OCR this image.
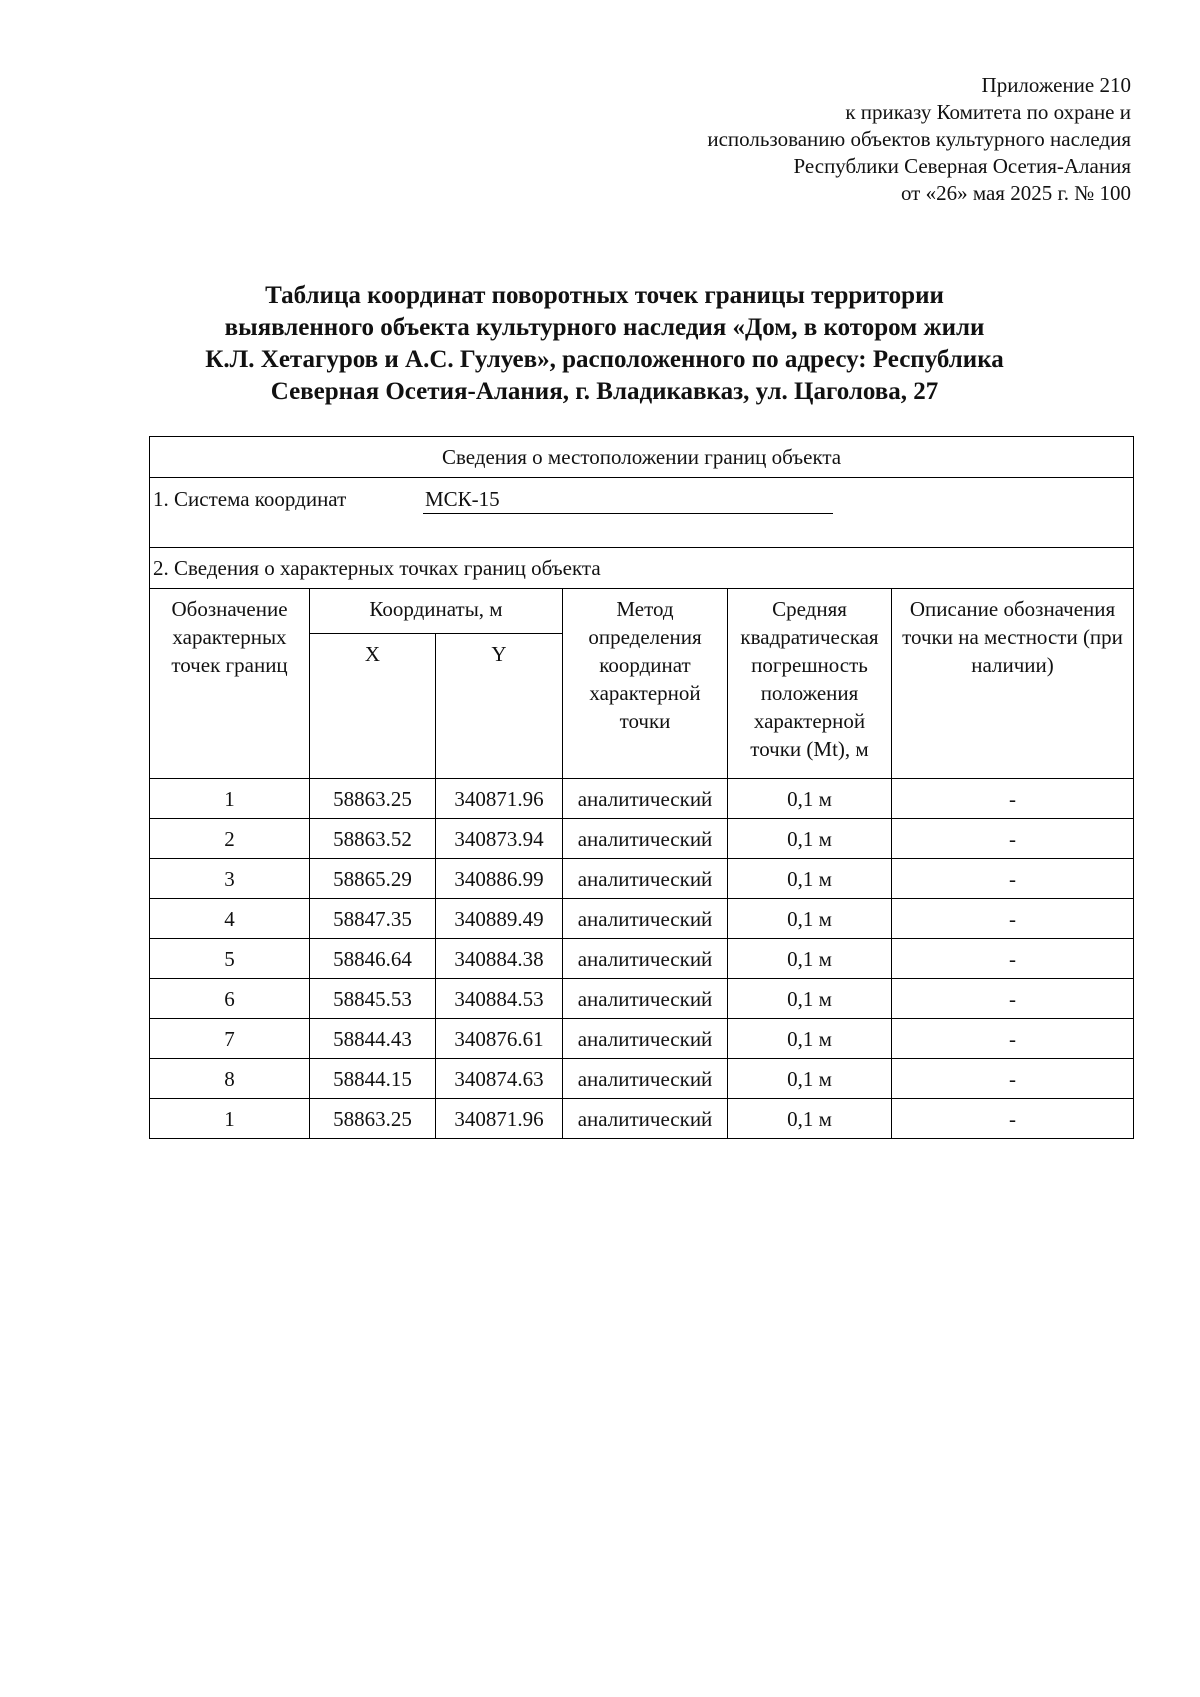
Приложение 210
к приказу Комитета по охране и
использованию объектов культурного наследия
Республики Северная Осетия-Алания
от «26» мая 2025 г. № 100
Таблица координат поворотных точек границы территории
выявленного объекта культурного наследия «Дом, в котором жили
К.Л. Хетагуров и А.С. Гулуев», расположенного по адресу: Республика
Северная Осетия-Алания, г. Владикавказ, ул. Цаголова, 27
Сведения о местоположении границ объекта					
1. Система координат МСК-15					
2. Сведения о характерных точках границ объекта					
Обозначение характерных точек границ	Координаты, м		Метод определения координат характерной точки	Средняя квадратическая погрешность положения характерной точки (Mt), м	Описание обозначения точки на местности (при наличии)
	X	Y			
1	58863.25	340871.96	аналитический	0,1 м	-
2	58863.52	340873.94	аналитический	0,1 м	-
3	58865.29	340886.99	аналитический	0,1 м	-
4	58847.35	340889.49	аналитический	0,1 м	-
5	58846.64	340884.38	аналитический	0,1 м	-
6	58845.53	340884.53	аналитический	0,1 м	-
7	58844.43	340876.61	аналитический	0,1 м	-
8	58844.15	340874.63	аналитический	0,1 м	-
1	58863.25	340871.96	аналитический	0,1 м	-
